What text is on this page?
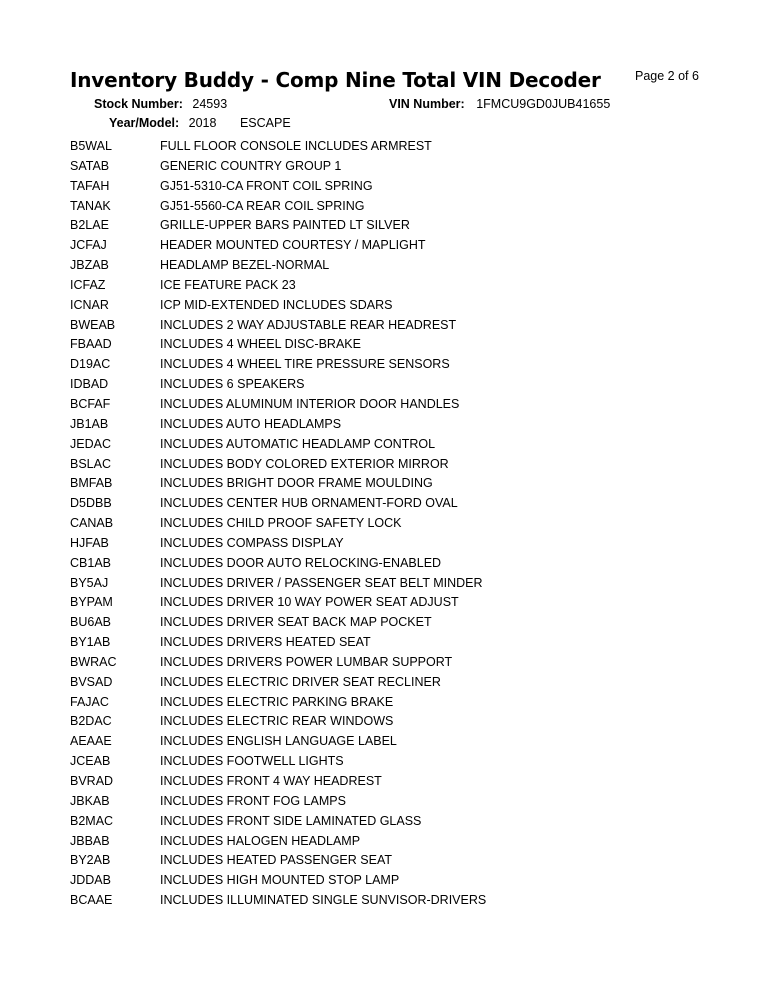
Inventory Buddy - Comp Nine Total VIN Decoder	Page 2 of 6
Stock Number: 24593	VIN Number: 1FMCU9GD0JUB41655
Year/Model: 2018 ESCAPE
B5WAL	FULL FLOOR CONSOLE INCLUDES ARMREST
SATAB	GENERIC COUNTRY GROUP 1
TAFAH	GJ51-5310-CA FRONT COIL SPRING
TANAK	GJ51-5560-CA REAR COIL SPRING
B2LAE	GRILLE-UPPER BARS PAINTED LT SILVER
JCFAJ	HEADER MOUNTED COURTESY / MAPLIGHT
JBZAB	HEADLAMP BEZEL-NORMAL
ICFAZ	ICE FEATURE PACK 23
ICNAR	ICP MID-EXTENDED INCLUDES SDARS
BWEAB	INCLUDES 2 WAY ADJUSTABLE REAR HEADREST
FBAAD	INCLUDES 4 WHEEL DISC-BRAKE
D19AC	INCLUDES 4 WHEEL TIRE PRESSURE SENSORS
IDBAD	INCLUDES 6 SPEAKERS
BCFAF	INCLUDES ALUMINUM INTERIOR DOOR HANDLES
JB1AB	INCLUDES AUTO HEADLAMPS
JEDAC	INCLUDES AUTOMATIC HEADLAMP CONTROL
BSLAC	INCLUDES BODY COLORED EXTERIOR MIRROR
BMFAB	INCLUDES BRIGHT DOOR FRAME MOULDING
D5DBB	INCLUDES CENTER HUB ORNAMENT-FORD OVAL
CANAB	INCLUDES CHILD PROOF SAFETY LOCK
HJFAB	INCLUDES COMPASS DISPLAY
CB1AB	INCLUDES DOOR AUTO RELOCKING-ENABLED
BY5AJ	INCLUDES DRIVER / PASSENGER SEAT BELT MINDER
BYPAM	INCLUDES DRIVER 10 WAY POWER SEAT ADJUST
BU6AB	INCLUDES DRIVER SEAT BACK MAP POCKET
BY1AB	INCLUDES DRIVERS HEATED SEAT
BWRAC	INCLUDES DRIVERS POWER LUMBAR SUPPORT
BVSAD	INCLUDES ELECTRIC DRIVER SEAT RECLINER
FAJAC	INCLUDES ELECTRIC PARKING BRAKE
B2DAC	INCLUDES ELECTRIC REAR WINDOWS
AEAAE	INCLUDES ENGLISH LANGUAGE LABEL
JCEAB	INCLUDES FOOTWELL LIGHTS
BVRAD	INCLUDES FRONT 4 WAY HEADREST
JBKAB	INCLUDES FRONT FOG LAMPS
B2MAC	INCLUDES FRONT SIDE LAMINATED GLASS
JBBAB	INCLUDES HALOGEN HEADLAMP
BY2AB	INCLUDES HEATED PASSENGER SEAT
JDDAB	INCLUDES HIGH MOUNTED STOP LAMP
BCAAE	INCLUDES ILLUMINATED SINGLE SUNVISOR-DRIVERS
